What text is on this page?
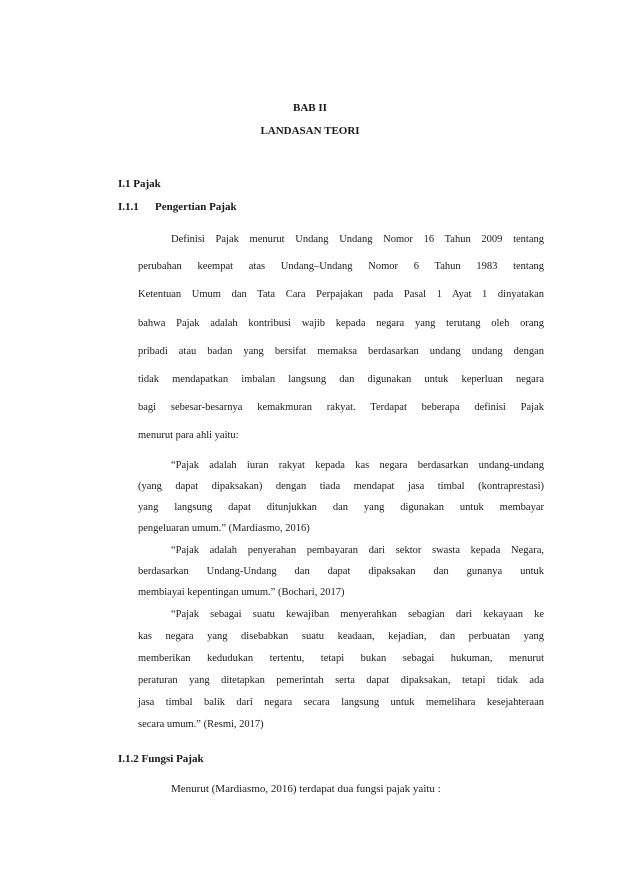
BAB II
LANDASAN TEORI
I.1 Pajak
I.1.1 Pengertian Pajak
Definisi Pajak menurut Undang Undang Nomor 16 Tahun 2009 tentang
perubahan keempat atas Undang–Undang Nomor 6 Tahun 1983 tentang
Ketentuan Umum dan Tata Cara Perpajakan pada Pasal 1 Ayat 1 dinyatakan
bahwa Pajak adalah kontribusi wajib kepada negara yang terutang oleh orang
pribadi atau badan yang bersifat memaksa berdasarkan undang undang dengan
tidak mendapatkan imbalan langsung dan digunakan untuk keperluan negara
bagi sebesar-besarnya kemakmuran rakyat. Terdapat beberapa definisi Pajak
menurut para ahli yaitu:
“Pajak adalah iuran rakyat kepada kas negara berdasarkan undang-undang
(yang dapat dipaksakan) dengan tiada mendapat jasa timbal (kontraprestasi)
yang langsung dapat ditunjukkan dan yang digunakan untuk membayar
pengeluaran umum.” (Mardiasmo, 2016)
“Pajak adalah penyerahan pembayaran dari sektor swasta kepada Negara,
berdasarkan Undang-Undang dan dapat dipaksakan dan gunanya untuk
membiayai kepentingan umum.” (Bochari, 2017)
“Pajak sebagai suatu kewajiban menyerahkan sebagian dari kekayaan ke
kas negara yang disebabkan suatu keadaan, kejadian, dan perbuatan yang
memberikan kedudukan tertentu, tetapi bukan sebagai hukuman, menurut
peraturan yang ditetapkan pemerintah serta dapat dipaksakan, tetapi tidak ada
jasa timbal balik dari negara secara langsung untuk memelihara kesejahteraan
secara umum.” (Resmi, 2017)
I.1.2 Fungsi Pajak
Menurut (Mardiasmo, 2016) terdapat dua fungsi pajak yaitu :
